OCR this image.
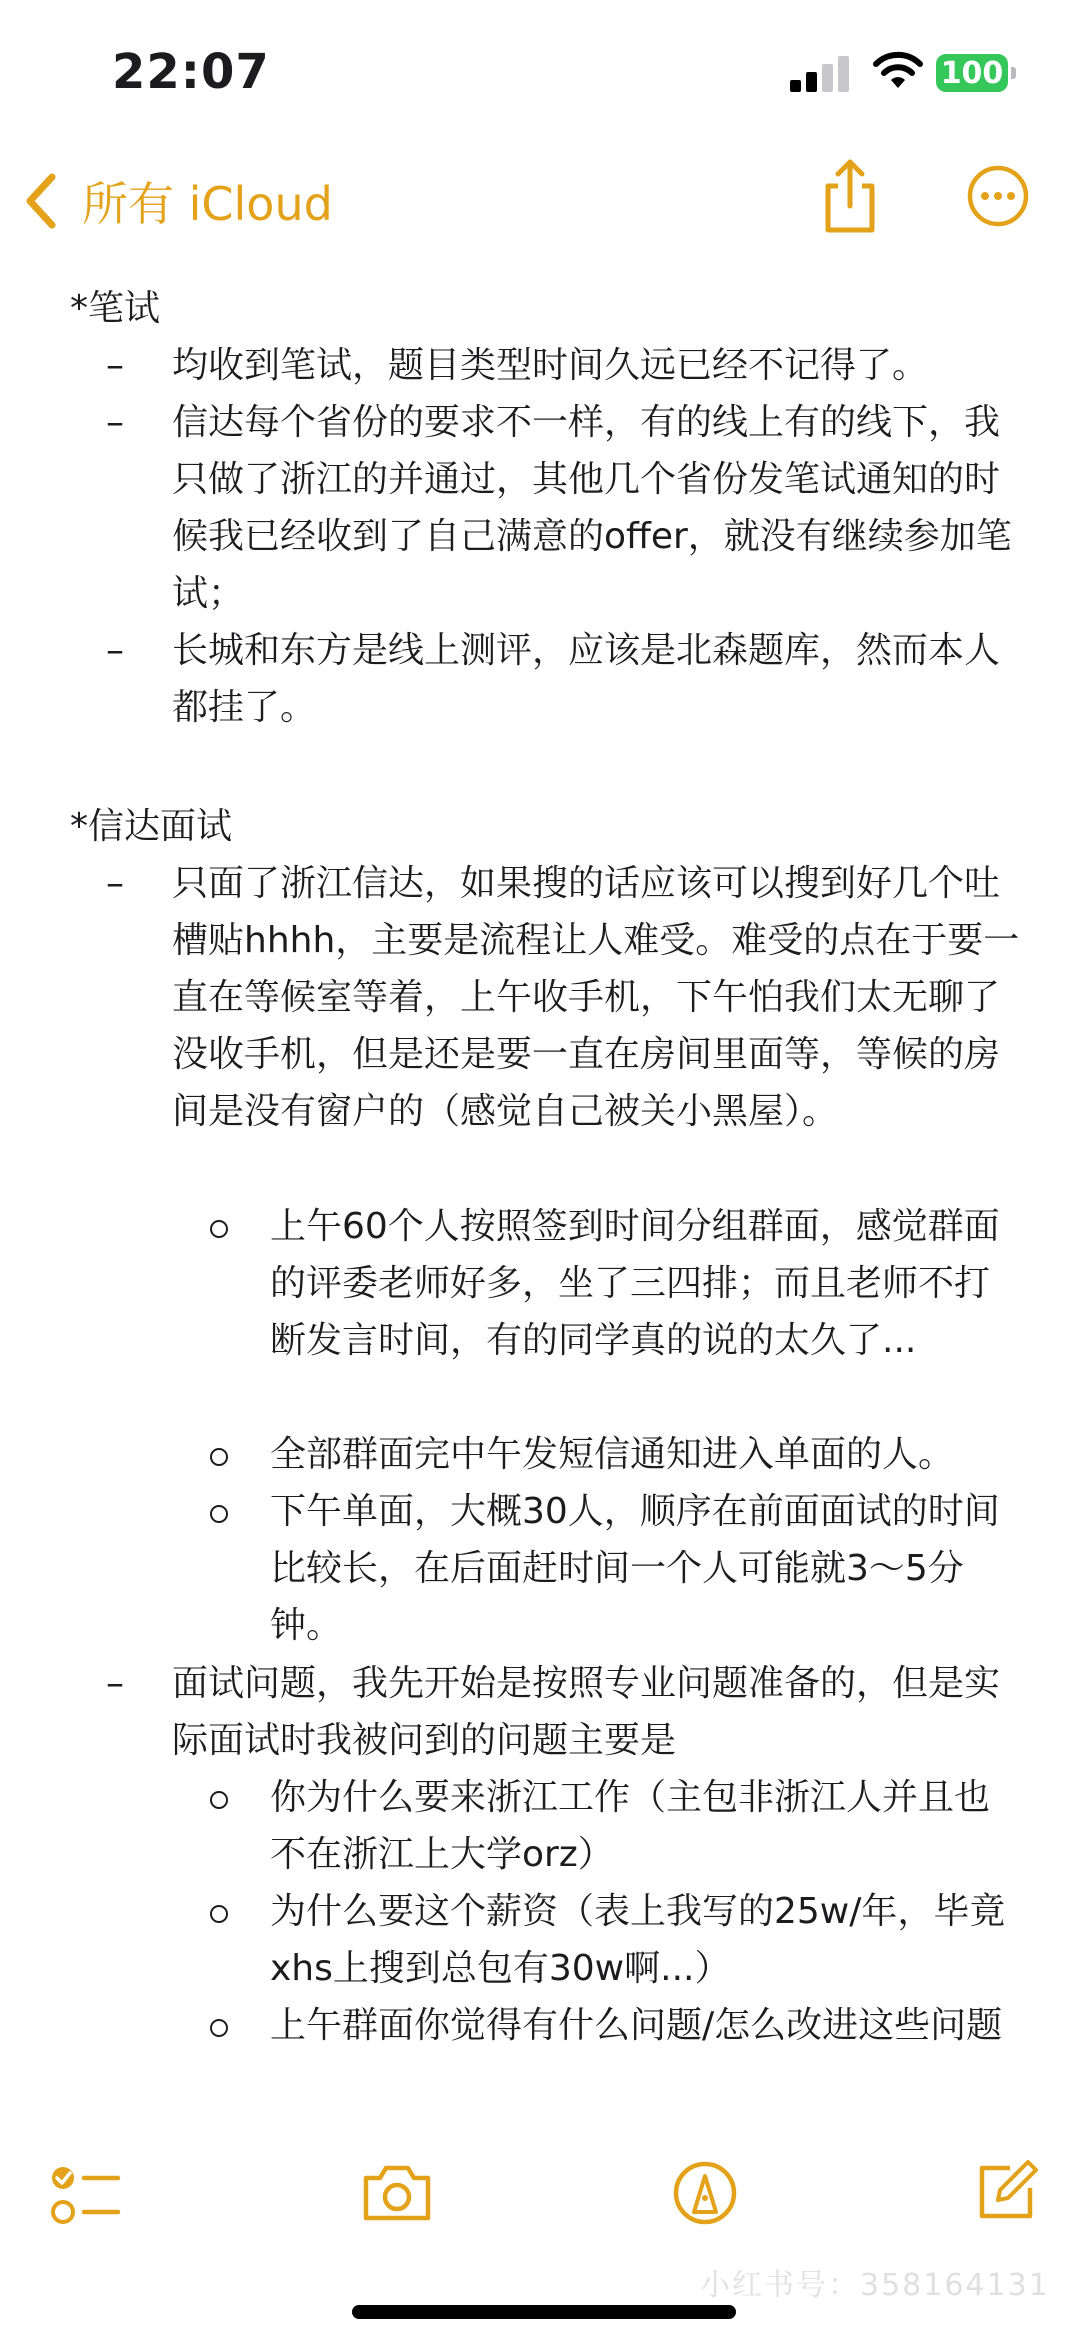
22:07	100
所有 iCloud
*笔试
–	均收到笔试，题目类型时间久远已经不记得了。
–	信达每个省份的要求不一样，有的线上有的线下，我只做了浙江的并通过，其他几个省份发笔试通知的时候我已经收到了自己满意的offer，就没有继续参加笔试；
–	长城和东方是线上测评，应该是北森题库，然而本人都挂了。
*信达面试
–	只面了浙江信达，如果搜的话应该可以搜到好几个吐槽贴hhhh，主要是流程让人难受。难受的点在于要一直在等候室等着，上午收手机，下午怕我们太无聊了没收手机，但是还是要一直在房间里面等，等候的房间是没有窗户的（感觉自己被关小黑屋）。
上午60个人按照签到时间分组群面，感觉群面的评委老师好多，坐了三四排；而且老师不打断发言时间，有的同学真的说的太久了...
全部群面完中午发短信通知进入单面的人。
下午单面，大概30人，顺序在前面面试的时间比较长，在后面赶时间一个人可能就3～5分钟。
–	面试问题，我先开始是按照专业问题准备的，但是实际面试时我被问到的问题主要是
你为什么要来浙江工作（主包非浙江人并且也不在浙江上大学orz）
为什么要这个薪资（表上我写的25w/年，毕竟xhs上搜到总包有30w啊...）
上午群面你觉得有什么问题/怎么改进这些问题
小红书号：3581641​31
